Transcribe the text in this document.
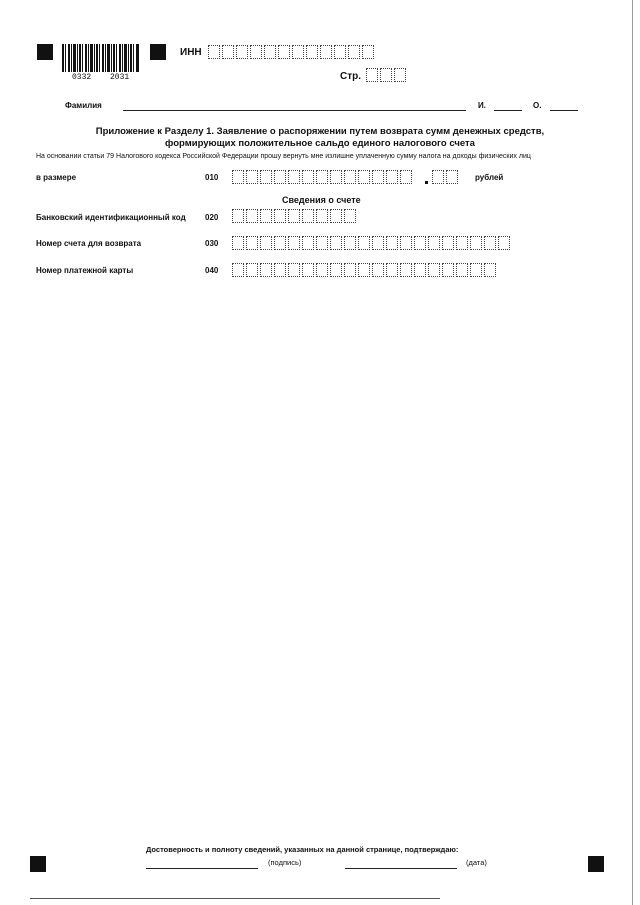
0332 2031
ИНН
Стр.
Фамилия	И.	О.
Приложение к Разделу 1. Заявление о распоряжении путем возврата сумм денежных средств,
формирующих положительное сальдо единого налогового счета
На основании статьи 79 Налогового кодекса Российской Федерации прошу вернуть мне излишне уплаченную сумму налога на доходы физических лиц
в размере	010	рублей
Сведения о счете
Банковский идентификационный код 020
Номер счета для возврата	030
Номер платежной карты	040
Достоверность и полноту сведений, указанных на данной странице, подтверждаю:
(подпись)	(дата)
